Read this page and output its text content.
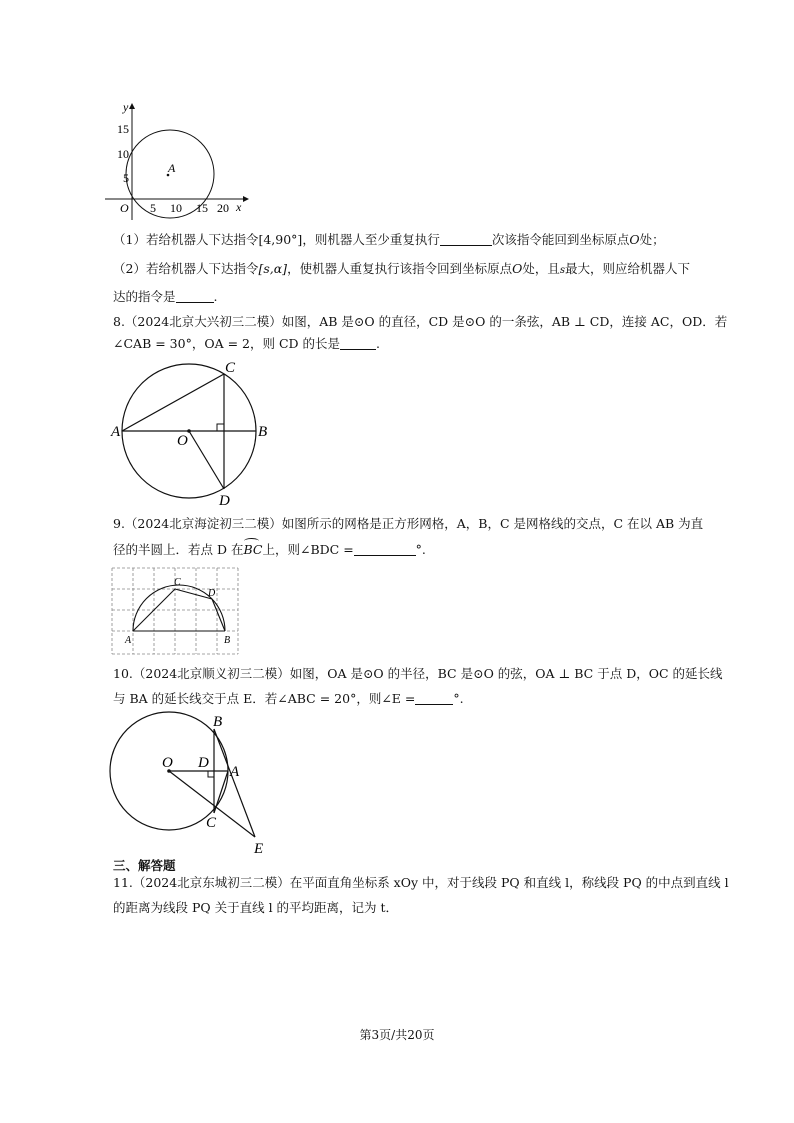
A
y
x
O
15
10
5
5 10 15 20
（1）若给机器人下达指令[4,90°]，则机器人至少重复执行	次该指令能回到坐标原点O处；
（2）若给机器人下达指令[s,α]，使机器人重复执行该指令回到坐标原点O处，且s最大，则应给机器人下
达的指令是	.
8.（2024北京大兴初三二模）如图，AB 是⊙O 的直径，CD 是⊙O 的一条弦，AB ⊥ CD，连接 AC，OD．若
∠CAB = 30°，OA = 2，则 CD 的长是	.
C
A	B
O
D
9.（2024北京海淀初三二模）如图所示的网格是正方形网格，A，B，C 是网格线的交点，C 在以 AB 为直
径的半圆上．若点 D 在
BC上，则∠BDC =	°.
A	B
C
D
10.（2024北京顺义初三二模）如图，OA 是⊙O 的半径，BC 是⊙O 的弦，OA ⊥ BC 于点 D，OC 的延长线
与 BA 的延长线交于点 E．若∠ABC = 20°，则∠E =	°.
B
O D
A
C
E
三、解答题
11.（2024北京东城初三二模）在平面直角坐标系 xOy 中，对于线段 PQ 和直线 l，称线段 PQ 的中点到直线 l
的距离为线段 PQ 关于直线 l 的平均距离，记为 t．
第3页/共20页
